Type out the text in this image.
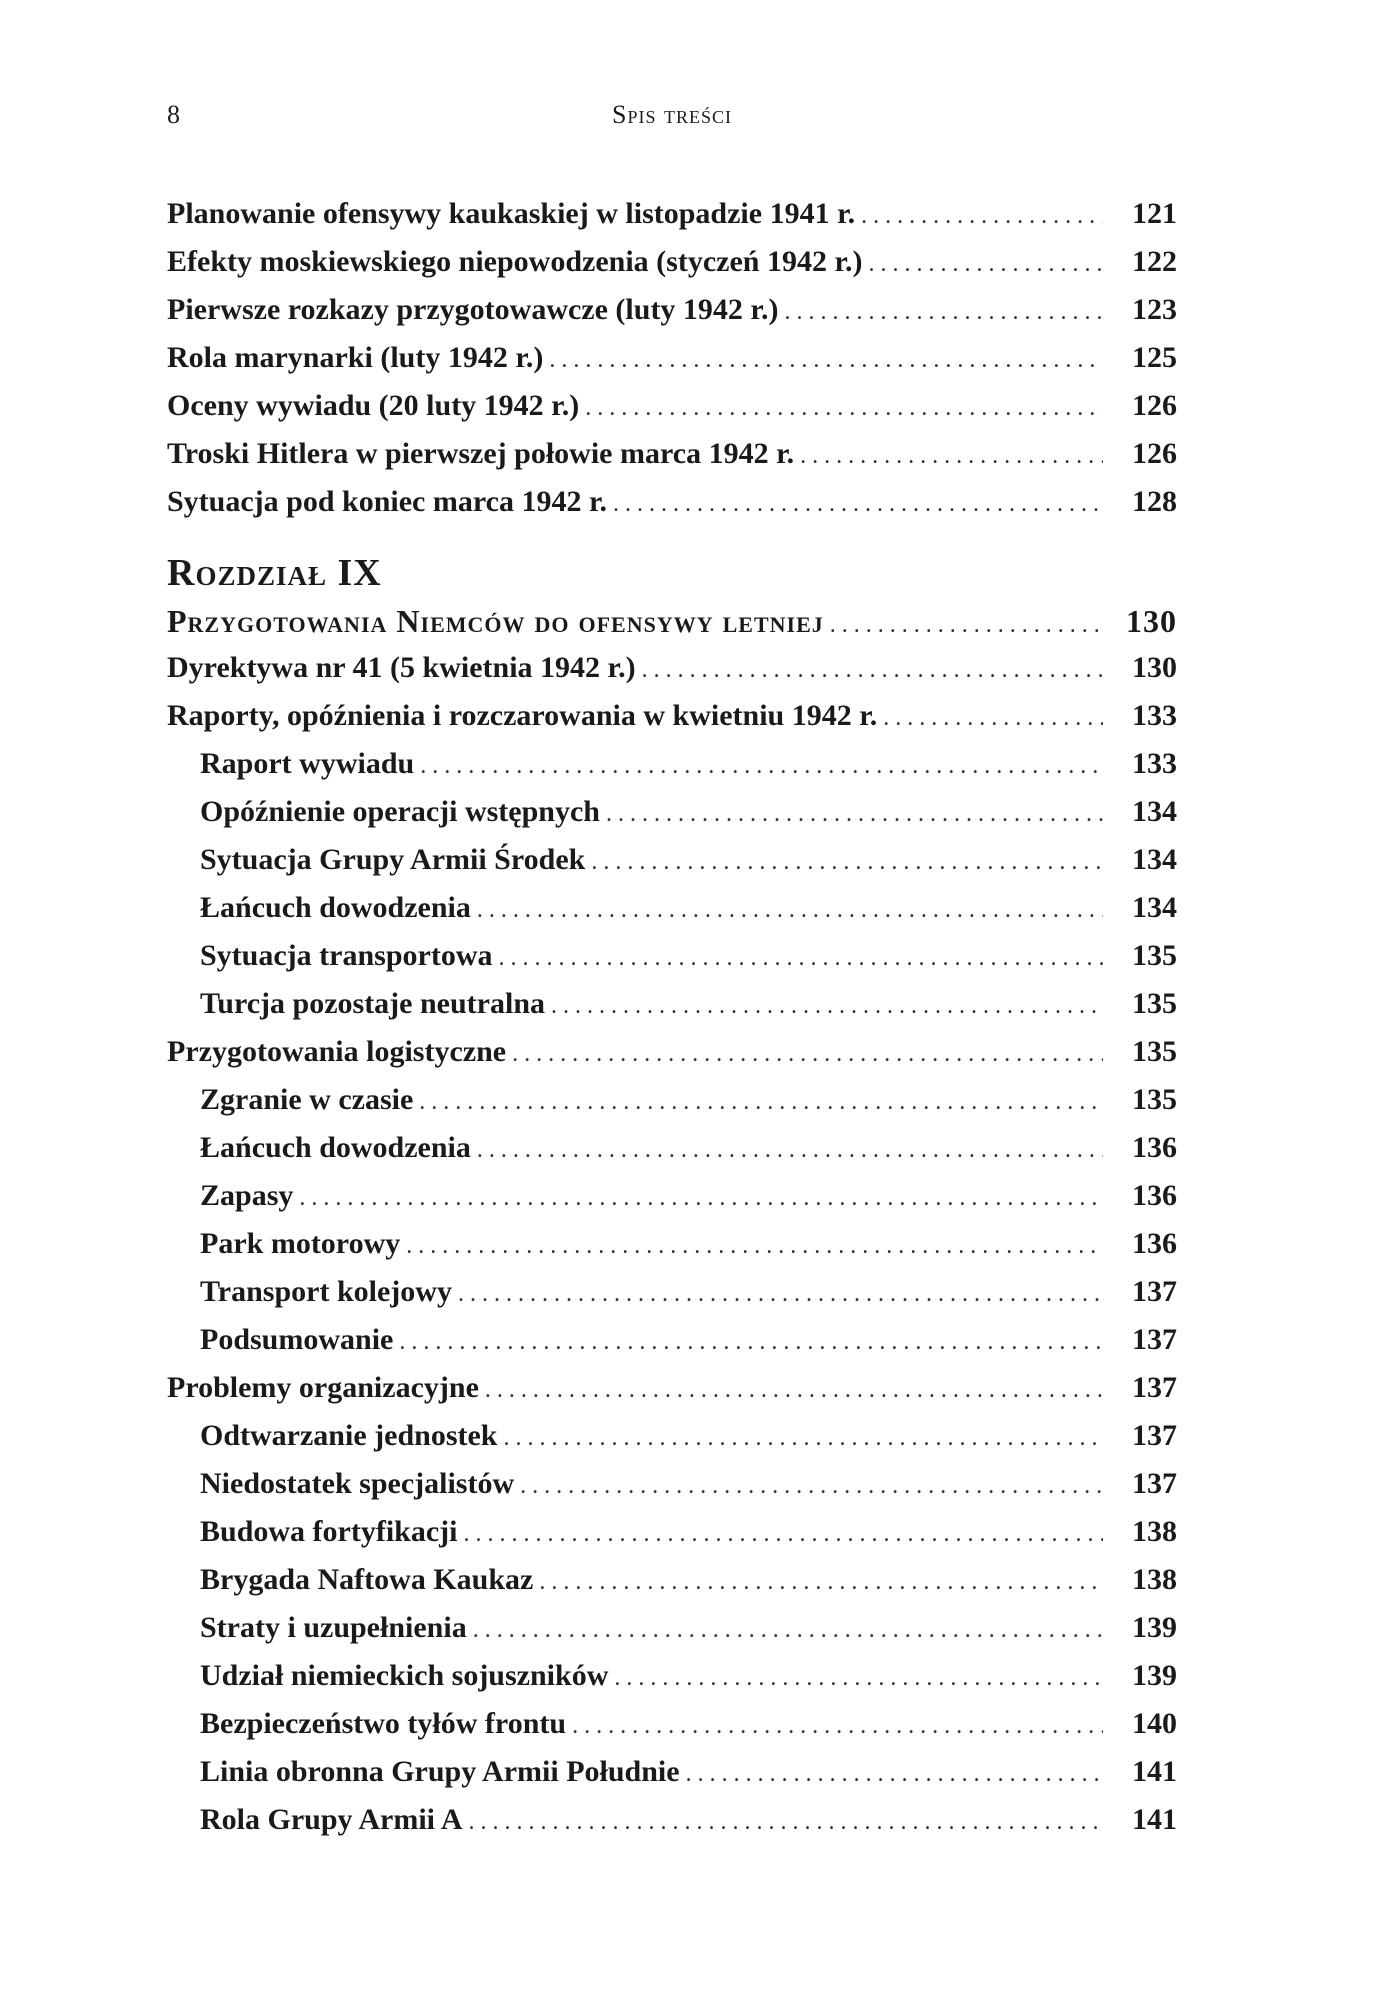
8	Spis treści
Planowanie ofensywy kaukaskiej w listopadzie 1941 r. . . .	121
Efekty moskiewskiego niepowodzenia (styczeń 1942 r.) . . .	122
Pierwsze rozkazy przygotowawcze (luty 1942 r.) . . .	123
Rola marynarki (luty 1942 r.) . . .	125
Oceny wywiadu (20 luty 1942 r.) . . .	126
Troski Hitlera w pierwszej połowie marca 1942 r. . . .	126
Sytuacja pod koniec marca 1942 r. . . .	128
Rozdział IX
Przygotowania Niemców do ofensywy letniej . . .	130
Dyrektywa nr 41 (5 kwietnia 1942 r.) . . .	130
Raporty, opóźnienia i rozczarowania w kwietniu 1942 r. . . .	133
Raport wywiadu . . .	133
Opóźnienie operacji wstępnych . . .	134
Sytuacja Grupy Armii Środek . . .	134
Łańcuch dowodzenia . . .	134
Sytuacja transportowa . . .	135
Turcja pozostaje neutralna . . .	135
Przygotowania logistyczne . . .	135
Zgranie w czasie . . .	135
Łańcuch dowodzenia . . .	136
Zapasy . . .	136
Park motorowy . . .	136
Transport kolejowy . . .	137
Podsumowanie . . .	137
Problemy organizacyjne . . .	137
Odtwarzanie jednostek . . .	137
Niedostatek specjalistów . . .	137
Budowa fortyfikacji . . .	138
Brygada Naftowa Kaukaz . . .	138
Straty i uzupełnienia . . .	139
Udział niemieckich sojuszników . . .	139
Bezpieczeństwo tyłów frontu . . .	140
Linia obronna Grupy Armii Południe . . .	141
Rola Grupy Armii A . . .	141
